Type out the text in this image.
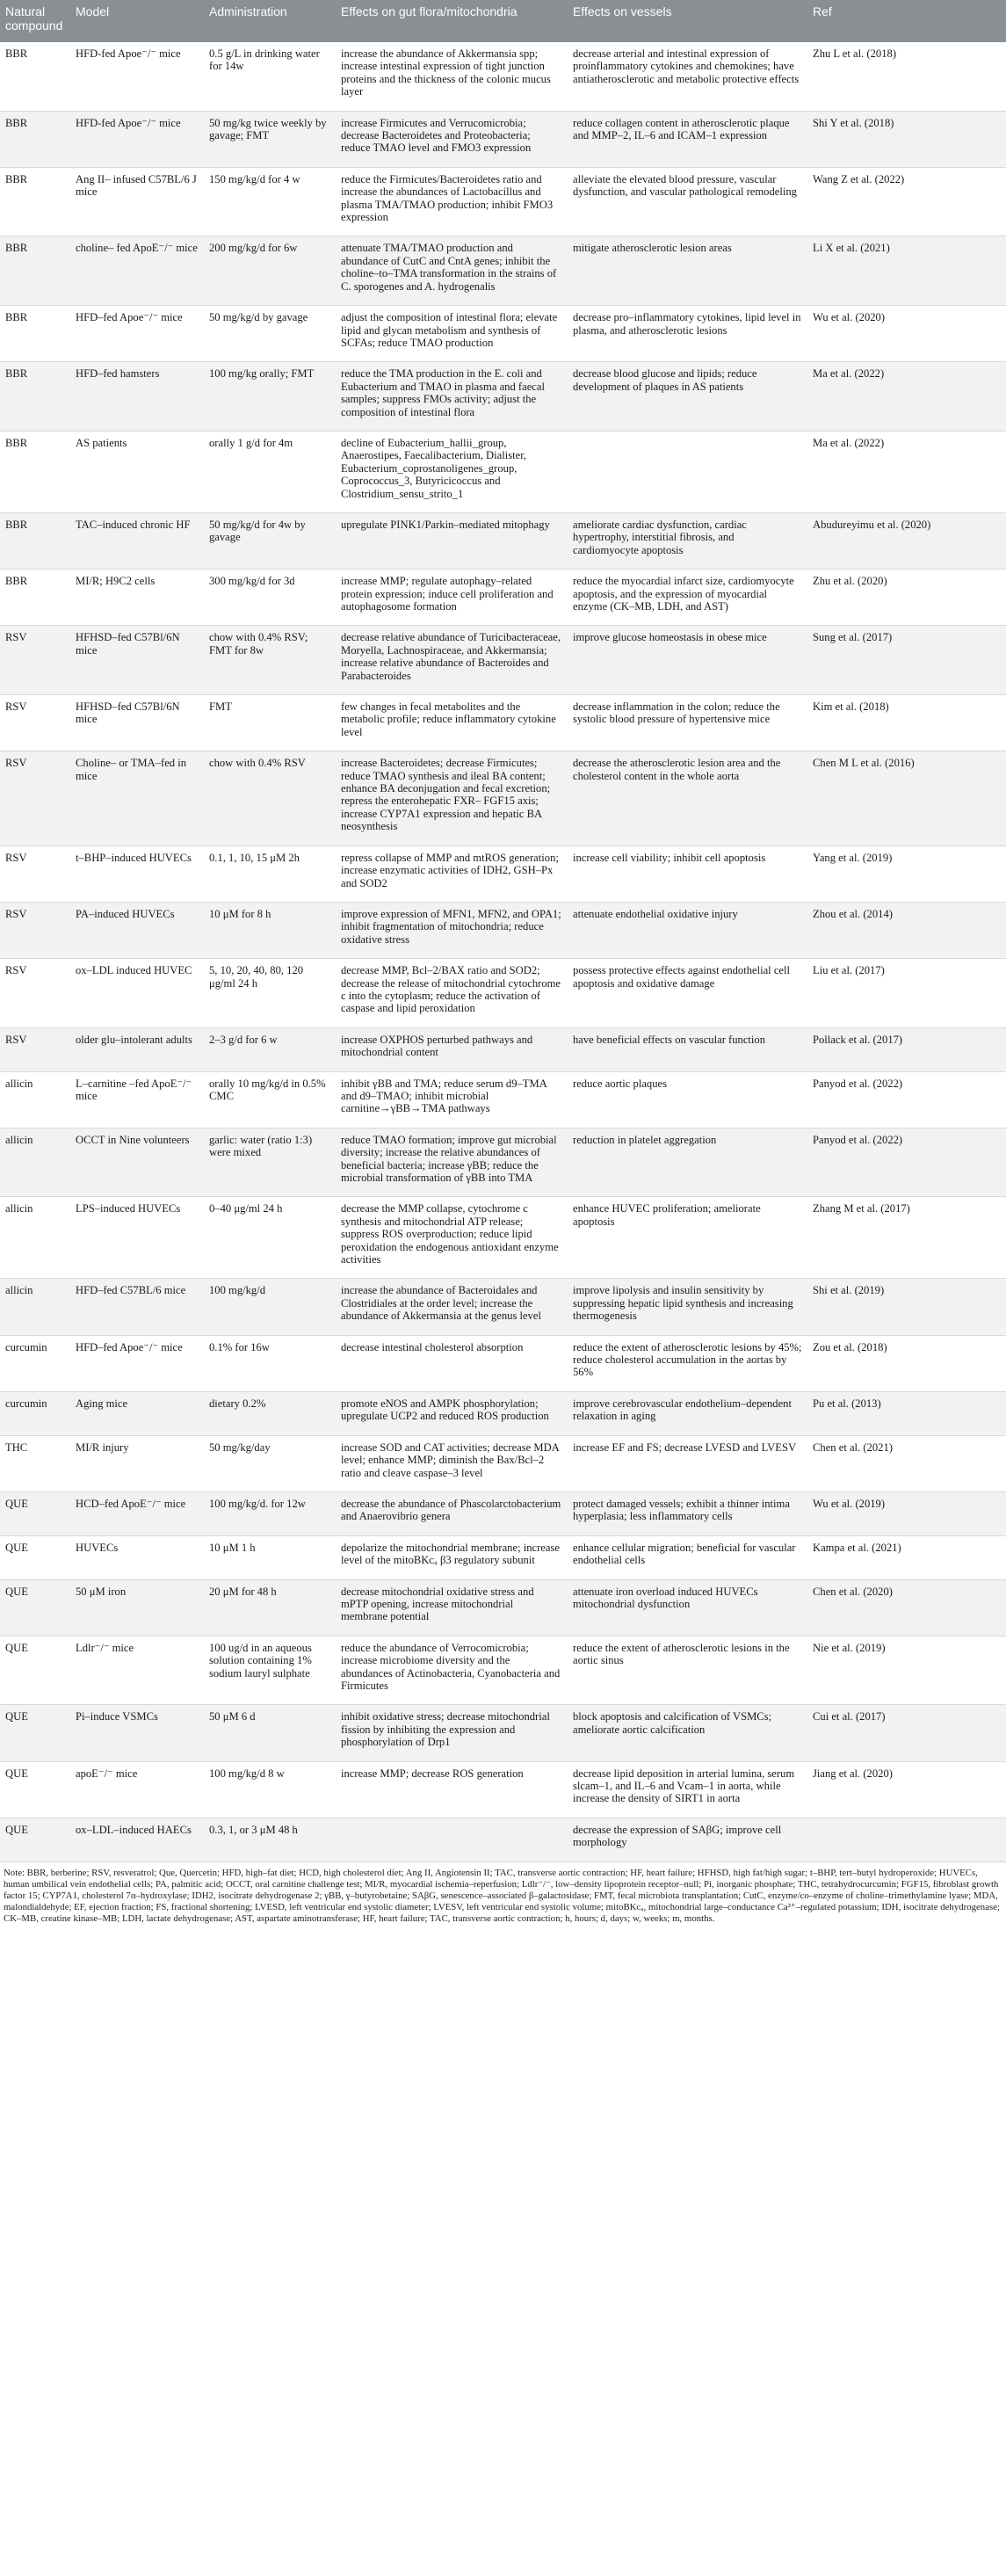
Natural compound	Model	Administration	Effects on gut flora/mitochondria	Effects on vessels	Ref
BBR	HFD-fed Apoe⁻/⁻ mice	0.5 g/L in drinking water for 14w	increase the abundance of Akkermansia spp; increase intestinal expression of tight junction proteins and the thickness of the colonic mucus layer	decrease arterial and intestinal expression of proinflammatory cytokines and chemokines; have antiatherosclerotic and metabolic protective effects	Zhu L et al. (2018)
BBR	HFD-fed Apoe⁻/⁻ mice	50 mg/kg twice weekly by gavage; FMT	increase Firmicutes and Verrucomicrobia; decrease Bacteroidetes and Proteobacteria; reduce TMAO level and FMO3 expression	reduce collagen content in atherosclerotic plaque and MMP–2, IL–6 and ICAM–1 expression	Shi Y et al. (2018)
BBR	Ang II– infused C57BL/6 J mice	150 mg/kg/d for 4 w	reduce the Firmicutes/Bacteroidetes ratio and increase the abundances of Lactobacillus and plasma TMA/TMAO production; inhibit FMO3 expression	alleviate the elevated blood pressure, vascular dysfunction, and vascular pathological remodeling	Wang Z et al. (2022)
BBR	choline– fed ApoE⁻/⁻ mice	200 mg/kg/d for 6w	attenuate TMA/TMAO production and abundance of CutC and CntA genes; inhibit the choline–to–TMA transformation in the strains of C. sporogenes and A. hydrogenalis	mitigate atherosclerotic lesion areas	Li X et al. (2021)
BBR	HFD–fed Apoe⁻/⁻ mice	50 mg/kg/d by gavage	adjust the composition of intestinal flora; elevate lipid and glycan metabolism and synthesis of SCFAs; reduce TMAO production	decrease pro–inflammatory cytokines, lipid level in plasma, and atherosclerotic lesions	Wu et al. (2020)
BBR	HFD–fed hamsters	100 mg/kg orally; FMT	reduce the TMA production in the E. coli and Eubacterium and TMAO in plasma and faecal samples; suppress FMOs activity; adjust the composition of intestinal flora	decrease blood glucose and lipids; reduce development of plaques in AS patients	Ma et al. (2022)
BBR	AS patients	orally 1 g/d for 4m	decline of Eubacterium_hallii_group, Anaerostipes, Faecalibacterium, Dialister, Eubacterium_coprostanoligenes_group, Coprococcus_3, Butyricicoccus and Clostridium_sensu_strito_1		Ma et al. (2022)
BBR	TAC–induced chronic HF	50 mg/kg/d for 4w by gavage	upregulate PINK1/Parkin–mediated mitophagy	ameliorate cardiac dysfunction, cardiac hypertrophy, interstitial fibrosis, and cardiomyocyte apoptosis	Abudureyimu et al. (2020)
BBR	MI/R; H9C2 cells	300 mg/kg/d for 3d	increase MMP; regulate autophagy–related protein expression; induce cell proliferation and autophagosome formation	reduce the myocardial infarct size, cardiomyocyte apoptosis, and the expression of myocardial enzyme (CK–MB, LDH, and AST)	Zhu et al. (2020)
RSV	HFHSD–fed C57Bl/6N mice	chow with 0.4% RSV; FMT for 8w	decrease relative abundance of Turicibacteraceae, Moryella, Lachnospiraceae, and Akkermansia; increase relative abundance of Bacteroides and Parabacteroides	improve glucose homeostasis in obese mice	Sung et al. (2017)
RSV	HFHSD–fed C57Bl/6N mice	FMT	few changes in fecal metabolites and the metabolic profile; reduce inflammatory cytokine level	decrease inflammation in the colon; reduce the systolic blood pressure of hypertensive mice	Kim et al. (2018)
RSV	Choline– or TMA–fed in mice	chow with 0.4% RSV	increase Bacteroidetes; decrease Firmicutes; reduce TMAO synthesis and ileal BA content; enhance BA deconjugation and fecal excretion; repress the enterohepatic FXR– FGF15 axis; increase CYP7A1 expression and hepatic BA neosynthesis	decrease the atherosclerotic lesion area and the cholesterol content in the whole aorta	Chen M L et al. (2016)
RSV	t–BHP–induced HUVECs	0.1, 1, 10, 15 μM 2h	repress collapse of MMP and mtROS generation; increase enzymatic activities of IDH2, GSH–Px and SOD2	increase cell viability; inhibit cell apoptosis	Yang et al. (2019)
RSV	PA–induced HUVECs	10 μM for 8 h	improve expression of MFN1, MFN2, and OPA1; inhibit fragmentation of mitochondria; reduce oxidative stress	attenuate endothelial oxidative injury	Zhou et al. (2014)
RSV	ox–LDL induced HUVEC	5, 10, 20, 40, 80, 120 μg/ml 24 h	decrease MMP, Bcl–2/BAX ratio and SOD2; decrease the release of mitochondrial cytochrome c into the cytoplasm; reduce the activation of caspase and lipid peroxidation	possess protective effects against endothelial cell apoptosis and oxidative damage	Liu et al. (2017)
RSV	older glu–intolerant adults	2–3 g/d for 6 w	increase OXPHOS perturbed pathways and mitochondrial content	have beneficial effects on vascular function	Pollack et al. (2017)
allicin	L–carnitine –fed ApoE⁻/⁻ mice	orally 10 mg/kg/d in 0.5% CMC	inhibit γBB and TMA; reduce serum d9–TMA and d9–TMAO; inhibit microbial carnitine→γBB→TMA pathways	reduce aortic plaques	Panyod et al. (2022)
allicin	OCCT in Nine volunteers	garlic: water (ratio 1:3) were mixed	reduce TMAO formation; improve gut microbial diversity; increase the relative abundances of beneficial bacteria; increase γBB; reduce the microbial transformation of γBB into TMA	reduction in platelet aggregation	Panyod et al. (2022)
allicin	LPS–induced HUVECs	0–40 μg/ml 24 h	decrease the MMP collapse, cytochrome c synthesis and mitochondrial ATP release; suppress ROS overproduction; reduce lipid peroxidation the endogenous antioxidant enzyme activities	enhance HUVEC proliferation; ameliorate apoptosis	Zhang M et al. (2017)
allicin	HFD–fed C57BL/6 mice	100 mg/kg/d	increase the abundance of Bacteroidales and Clostridiales at the order level; increase the abundance of Akkermansia at the genus level	improve lipolysis and insulin sensitivity by suppressing hepatic lipid synthesis and increasing thermogenesis	Shi et al. (2019)
curcumin	HFD–fed Apoe⁻/⁻ mice	0.1% for 16w	decrease intestinal cholesterol absorption	reduce the extent of atherosclerotic lesions by 45%; reduce cholesterol accumulation in the aortas by 56%	Zou et al. (2018)
curcumin	Aging mice	dietary 0.2%	promote eNOS and AMPK phosphorylation; upregulate UCP2 and reduced ROS production	improve cerebrovascular endothelium–dependent relaxation in aging	Pu et al. (2013)
THC	MI/R injury	50 mg/kg/day	increase SOD and CAT activities; decrease MDA level; enhance MMP; diminish the Bax/Bcl–2 ratio and cleave caspase–3 level	increase EF and FS; decrease LVESD and LVESV	Chen et al. (2021)
QUE	HCD–fed ApoE⁻/⁻ mice	100 mg/kg/d. for 12w	decrease the abundance of Phascolarctobacterium and Anaerovibrio genera	protect damaged vessels; exhibit a thinner intima hyperplasia; less inflammatory cells	Wu et al. (2019)
QUE	HUVECs	10 μM 1 h	depolarize the mitochondrial membrane; increase level of the mitoBKᴄₐ β3 regulatory subunit	enhance cellular migration; beneficial for vascular endothelial cells	Kampa et al. (2021)
QUE	50 μM iron	20 μM for 48 h	decrease mitochondrial oxidative stress and mPTP opening, increase mitochondrial membrane potential	attenuate iron overload induced HUVECs mitochondrial dysfunction	Chen et al. (2020)
QUE	Ldlr⁻/⁻ mice	100 ug/d in an aqueous solution containing 1% sodium lauryl sulphate	reduce the abundance of Verrocomicrobia; increase microbiome diversity and the abundances of Actinobacteria, Cyanobacteria and Firmicutes	reduce the extent of atherosclerotic lesions in the aortic sinus	Nie et al. (2019)
QUE	Pi–induce VSMCs	50 μM 6 d	inhibit oxidative stress; decrease mitochondrial fission by inhibiting the expression and phosphorylation of Drp1	block apoptosis and calcification of VSMCs; ameliorate aortic calcification	Cui et al. (2017)
QUE	apoE⁻/⁻ mice	100 mg/kg/d 8 w	increase MMP; decrease ROS generation	decrease lipid deposition in arterial lumina, serum slcam–1, and IL–6 and Vcam–1 in aorta, while increase the density of SIRT1 in aorta	Jiang et al. (2020)
QUE	ox–LDL–induced HAECs	0.3, 1, or 3 μM 48 h		decrease the expression of SAβG; improve cell morphology	
Note: BBR, berberine; RSV, resveratrol; Que, Quercetin; HFD, high–fat diet; HCD, high cholesterol diet; Ang II, Angiotensin II; TAC, transverse aortic contraction; HF, heart failure; HFHSD, high fat/high sugar; t–BHP, tert–butyl hydroperoxide; HUVECs, human umbilical vein endothelial cells; PA, palmitic acid; OCCT, oral carnitine challenge test; MI/R, myocardial ischemia–reperfusion; Ldlr⁻/⁻, low–density lipoprotein receptor–null; Pi, inorganic phosphate; THC, tetrahydrocurcumin; FGF15, fibroblast growth factor 15; CYP7A1, cholesterol 7α–hydroxylase; IDH2, isocitrate dehydrogenase 2; γBB, γ–butyrobetaine; SAβG, senescence–associated β–galactosidase; FMT, fecal microbiota transplantation; CutC, enzyme/co–enzyme of choline–trimethylamine lyase; MDA, malondialdehyde; EF, ejection fraction; FS, fractional shortening; LVESD, left ventricular end systolic diameter; LVESV, left ventricular end systolic volume; mitoBKᴄₐ, mitochondrial large–conductance Ca²⁺–regulated potassium; IDH, isocitrate dehydrogenase; CK–MB, creatine kinase–MB; LDH, lactate dehydrogenase; AST, aspartate aminotransferase; HF, heart failure; TAC, transverse aortic contraction; h, hours; d, days; w, weeks; m, months.
